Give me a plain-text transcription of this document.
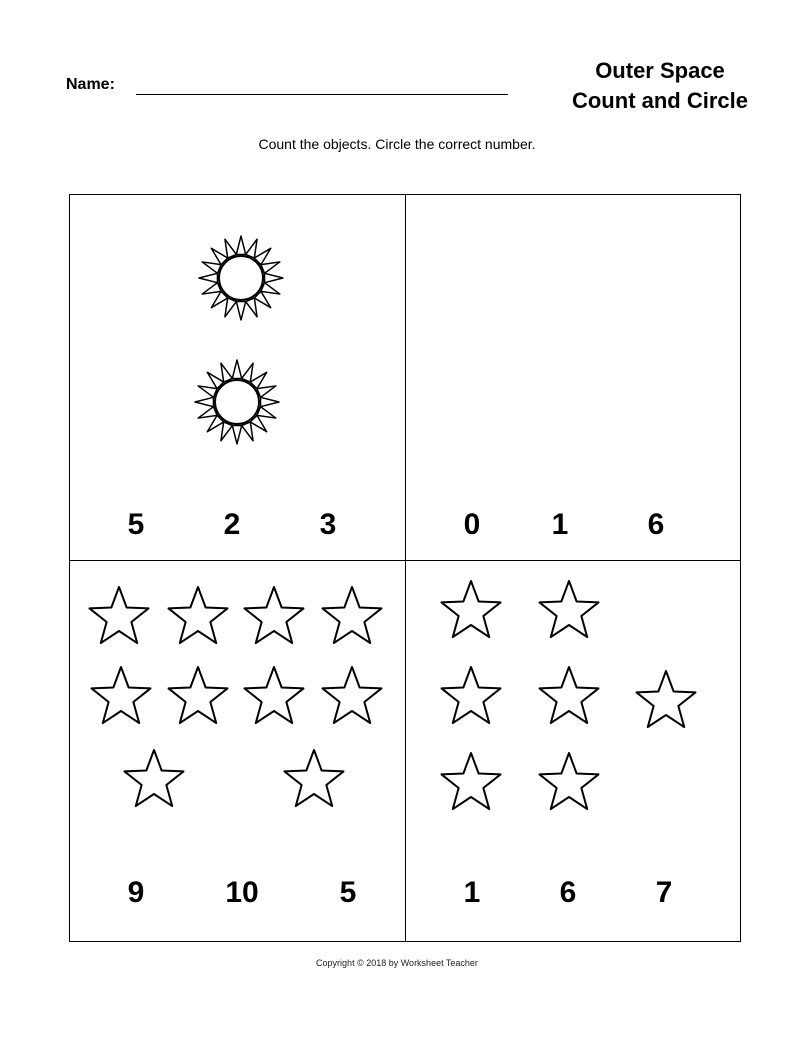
Name:
Outer Space
Count and Circle
Count the objects. Circle the correct number.
5	2	3	0	1	6
9	10	5	1	6	7
Copyright © 2018 by Worksheet Teacher
